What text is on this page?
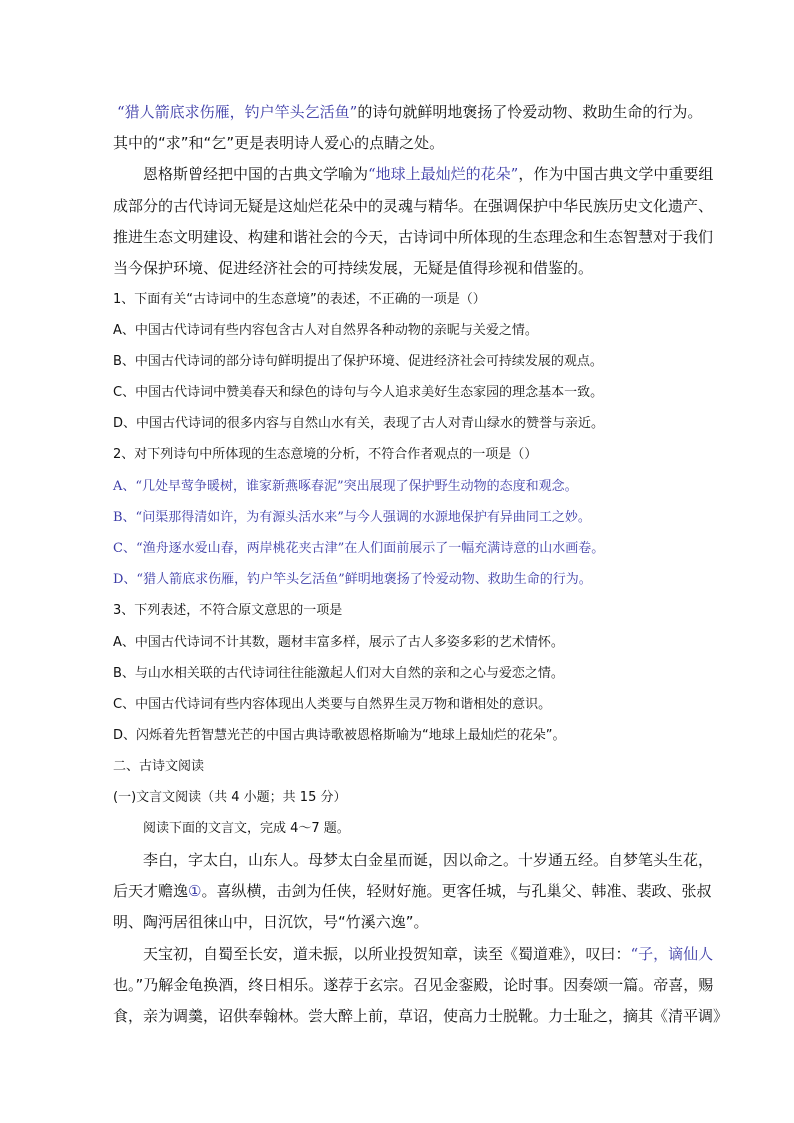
“猎人箭底求伤雁，钓户竿头乞活鱼”的诗句就鲜明地褒扬了怜爱动物、救助生命的行为。
其中的“求”和“乞”更是表明诗人爱心的点睛之处。
恩格斯曾经把中国的古典文学喻为“地球上最灿烂的花朵”，作为中国古典文学中重要组
成部分的古代诗词无疑是这灿烂花朵中的灵魂与精华。在强调保护中华民族历史文化遗产、
推进生态文明建设、构建和谐社会的今天，古诗词中所体现的生态理念和生态智慧对于我们
当今保护环境、促进经济社会的可持续发展，无疑是值得珍视和借鉴的。
1、下面有关“古诗词中的生态意境”的表述，不正确的一项是（）
A、中国古代诗词有些内容包含古人对自然界各种动物的亲昵与关爱之情。
B、中国古代诗词的部分诗句鲜明提出了保护环境、促进经济社会可持续发展的观点。
C、中国古代诗词中赞美春天和绿色的诗句与今人追求美好生态家园的理念基本一致。
D、中国古代诗词的很多内容与自然山水有关，表现了古人对青山绿水的赞誉与亲近。
2、对下列诗句中所体现的生态意境的分析，不符合作者观点的一项是（）
A、“几处早莺争暖树，谁家新燕啄春泥”突出展现了保护野生动物的态度和观念。
B、“问渠那得清如许，为有源头活水来”与今人强调的水源地保护有异曲同工之妙。
C、“渔舟逐水爱山春，两岸桃花夹古津”在人们面前展示了一幅充满诗意的山水画卷。
D、“猎人箭底求伤雁，钓户竿头乞活鱼”鲜明地褒扬了怜爱动物、救助生命的行为。
3、下列表述，不符合原文意思的一项是
A、中国古代诗词不计其数，题材丰富多样，展示了古人多姿多彩的艺术情怀。
B、与山水相关联的古代诗词往往能激起人们对大自然的亲和之心与爱恋之情。
C、中国古代诗词有些内容体现出人类要与自然界生灵万物和谐相处的意识。
D、闪烁着先哲智慧光芒的中国古典诗歌被恩格斯喻为“地球上最灿烂的花朵”。
二、古诗文阅读
(一)文言文阅读（共 4 小题；共 15 分）
阅读下面的文言文，完成 4～7 题。
李白，字太白，山东人。母梦太白金星而诞，因以命之。十岁通五经。自梦笔头生花，
后天才赡逸①。喜纵横，击剑为任侠，轻财好施。更客任城，与孔巢父、韩准、裴政、张叔
明、陶沔居徂徕山中，日沉饮，号“竹溪六逸”。
天宝初，自蜀至长安，道未振，以所业投贺知章，读至《蜀道难》，叹曰：“子，谪仙人
也。”乃解金龟换酒，终日相乐。遂荐于玄宗。召见金銮殿，论时事。因奏颂一篇。帝喜，赐
食，亲为调羹，诏供奉翰林。尝大醉上前，草诏，使高力士脱靴。力士耻之，摘其《清平调》
